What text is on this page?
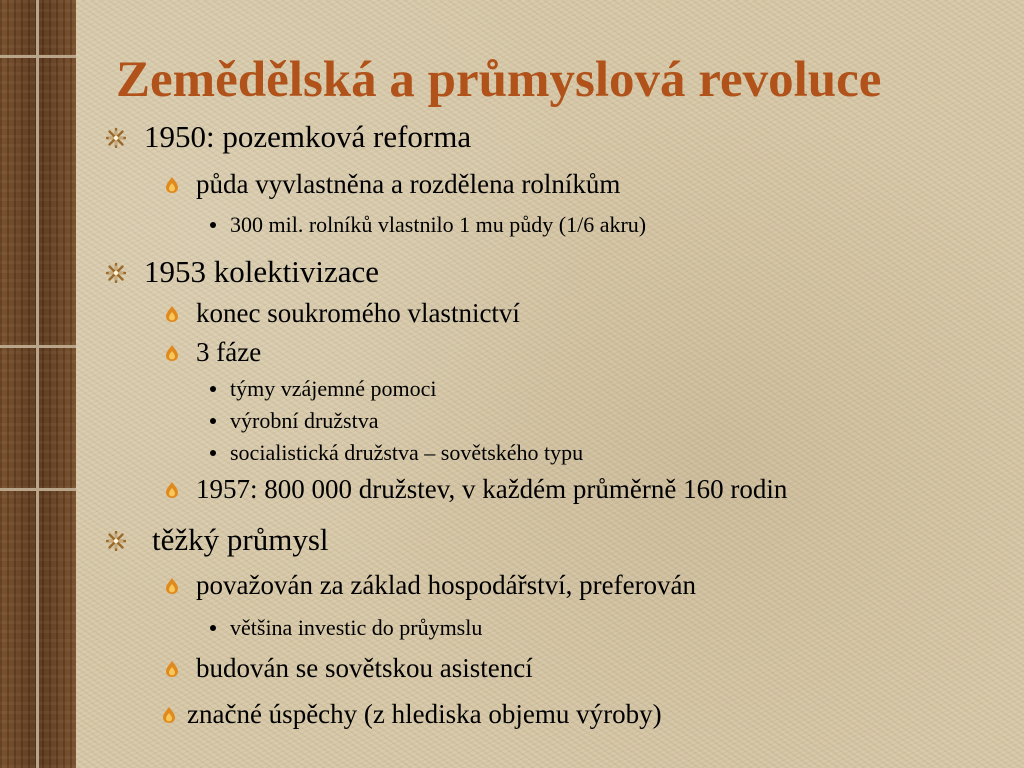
Zemědělská a průmyslová revoluce
1950: pozemková reforma
půda vyvlastněna a rozdělena rolníkům
300 mil. rolníků vlastnilo 1 mu půdy (1/6 akru)
1953 kolektivizace
konec soukromého vlastnictví
3 fáze
týmy vzájemné pomoci
výrobní družstva
socialistická družstva – sovětského typu
1957: 800 000 družstev, v každém průměrně 160 rodin
těžký průmysl
považován za základ hospodářství, preferován
většina investic do průymslu
budován se sovětskou asistencí
značné úspěchy (z hlediska objemu výroby)
